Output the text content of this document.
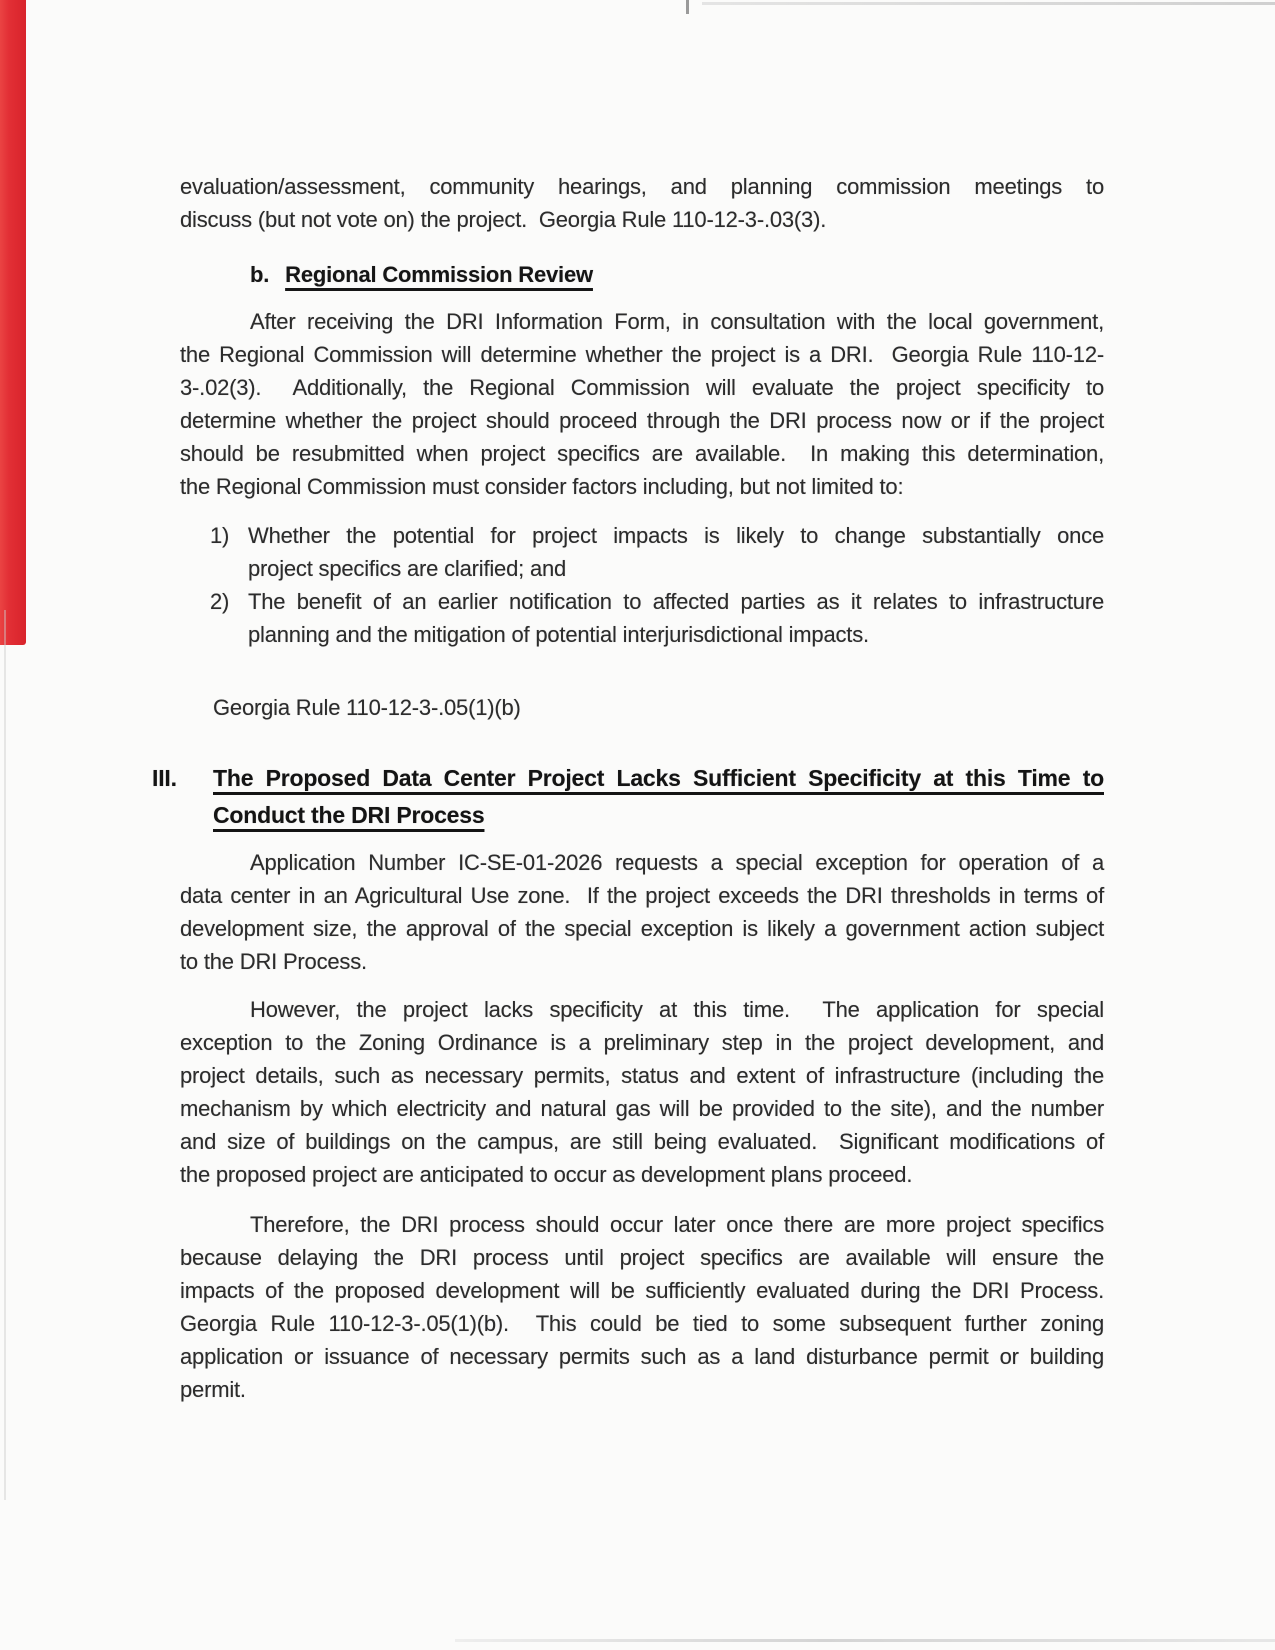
evaluation/assessment, community hearings, and planning commission meetings to
discuss (but not vote on) the project.  Georgia Rule 110-12-3-.03(3).
b. Regional Commission Review
After receiving the DRI Information Form, in consultation with the local government,
the Regional Commission will determine whether the project is a DRI.  Georgia Rule 110-12-
3-.02(3).  Additionally, the Regional Commission will evaluate the project specificity to
determine whether the project should proceed through the DRI process now or if the project
should be resubmitted when project specifics are available.  In making this determination,
the Regional Commission must consider factors including, but not limited to:
1) Whether the potential for project impacts is likely to change substantially once
project specifics are clarified; and
2) The benefit of an earlier notification to affected parties as it relates to infrastructure
planning and the mitigation of potential interjurisdictional impacts.
Georgia Rule 110-12-3-.05(1)(b)
III. The Proposed Data Center Project Lacks Sufficient Specificity at this Time to
Conduct the DRI Process
Application Number IC-SE-01-2026 requests a special exception for operation of a
data center in an Agricultural Use zone.  If the project exceeds the DRI thresholds in terms of
development size, the approval of the special exception is likely a government action subject
to the DRI Process.
However, the project lacks specificity at this time.  The application for special
exception to the Zoning Ordinance is a preliminary step in the project development, and
project details, such as necessary permits, status and extent of infrastructure (including the
mechanism by which electricity and natural gas will be provided to the site), and the number
and size of buildings on the campus, are still being evaluated.  Significant modifications of
the proposed project are anticipated to occur as development plans proceed.
Therefore, the DRI process should occur later once there are more project specifics
because delaying the DRI process until project specifics are available will ensure the
impacts of the proposed development will be sufficiently evaluated during the DRI Process.
Georgia Rule 110-12-3-.05(1)(b).  This could be tied to some subsequent further zoning
application or issuance of necessary permits such as a land disturbance permit or building
permit.
